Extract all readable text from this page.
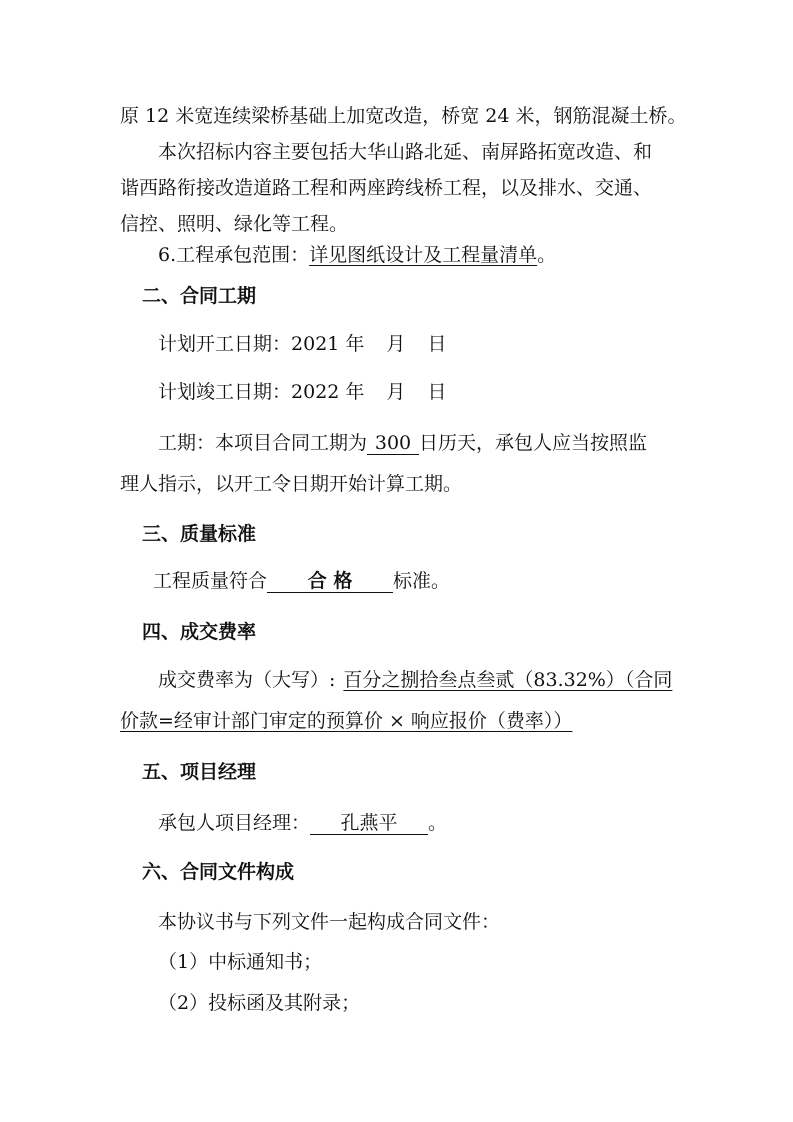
原 12 米宽连续梁桥基础上加宽改造，桥宽 24 米，钢筋混凝土桥。
本次招标内容主要包括大华山路北延、南屏路拓宽改造、和
谐西路衔接改造道路工程和两座跨线桥工程，以及排水、交通、
信控、照明、绿化等工程。
6.工程承包范围：详见图纸设计及工程量清单。
二、合同工期
计划开工日期：2021 年 月 日
计划竣工日期：2022 年 月 日
工期：本项目合同工期为 300 日历天，承包人应当按照监
理人指示，以开工令日期开始计算工期。
三、质量标准
工程质量符合 合 格 标准。
四、成交费率
成交费率为（大写）: 百分之捌拾叁点叁贰（83.32%）（合同
价款=经审计部门审定的预算价 × 响应报价（费率））
五、项目经理
承包人项目经理： 孔燕平 。
六、合同文件构成
本协议书与下列文件一起构成合同文件：
（1）中标通知书；
（2）投标函及其附录；
